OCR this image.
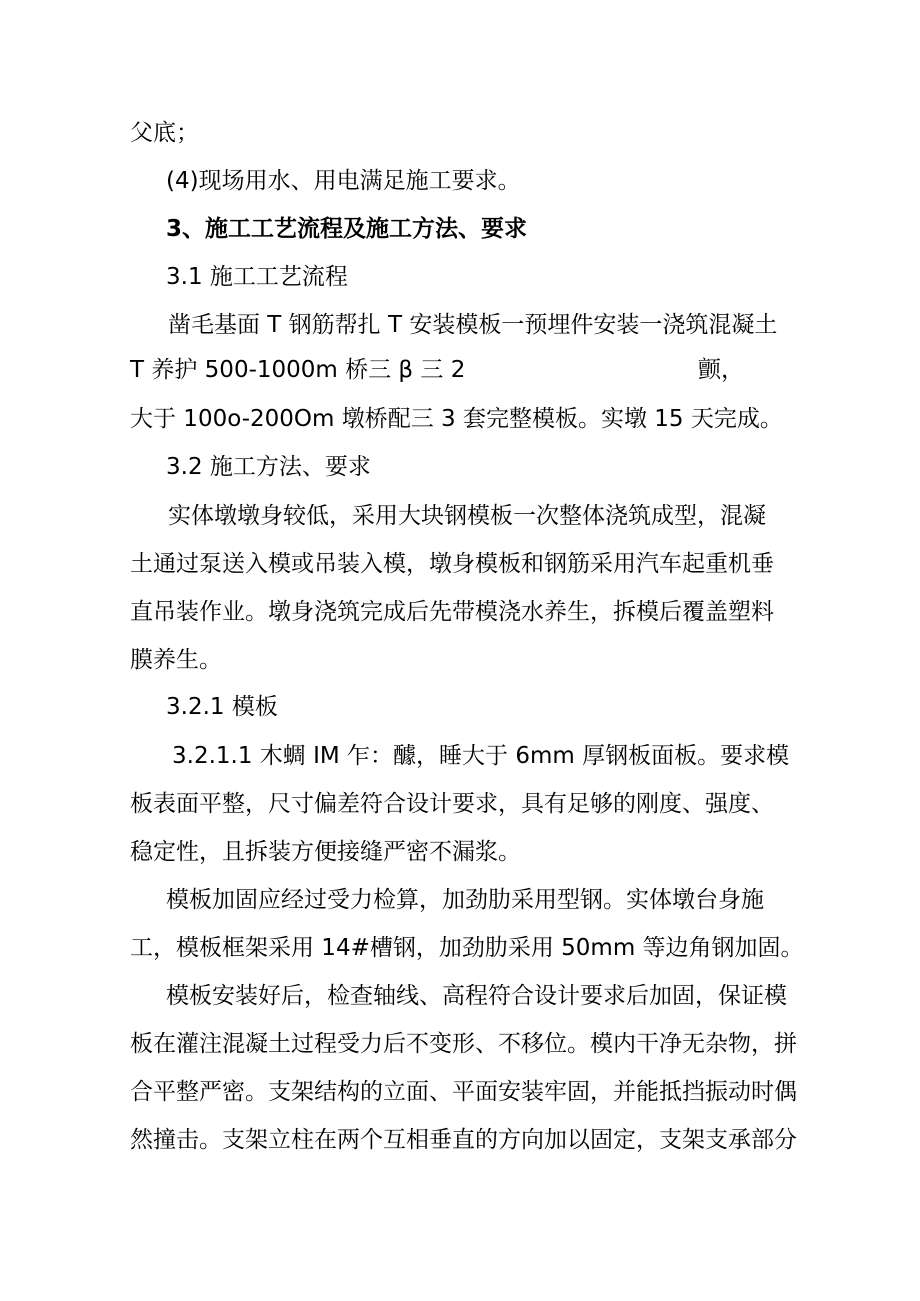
父底；
(4)现场用水、用电满足施工要求。
3、施工工艺流程及施工方法、要求
3.1 施工工艺流程
凿毛基面 T 钢筋帮扎 T 安装模板一预埋件安装一浇筑混凝土
T 养护 500-1000m 桥三 β 三 2	颤，
大于 100o-200Om 墩桥配三 3 套完整模板。实墩 15 天完成。
3.2 施工方法、要求
实体墩墩身较低，采用大块钢模板一次整体浇筑成型，混凝
土通过泵送入模或吊装入模，墩身模板和钢筋采用汽车起重机垂
直吊装作业。墩身浇筑完成后先带模浇水养生，拆模后覆盖塑料
膜养生。
3.2.1 模板
3.2.1.1 木蜩 IM 乍：醵，睡大于 6mm 厚钢板面板。要求模
板表面平整，尺寸偏差符合设计要求，具有足够的刚度、强度、
稳定性，且拆装方便接缝严密不漏浆。
模板加固应经过受力检算，加劲肋采用型钢。实体墩台身施
工，模板框架采用 14#槽钢，加劲肋采用 50mm 等边角钢加固。
模板安装好后，检查轴线、高程符合设计要求后加固，保证模
板在灌注混凝土过程受力后不变形、不移位。模内干净无杂物，拼
合平整严密。支架结构的立面、平面安装牢固，并能抵挡振动时偶
然撞击。支架立柱在两个互相垂直的方向加以固定，支架支承部分
